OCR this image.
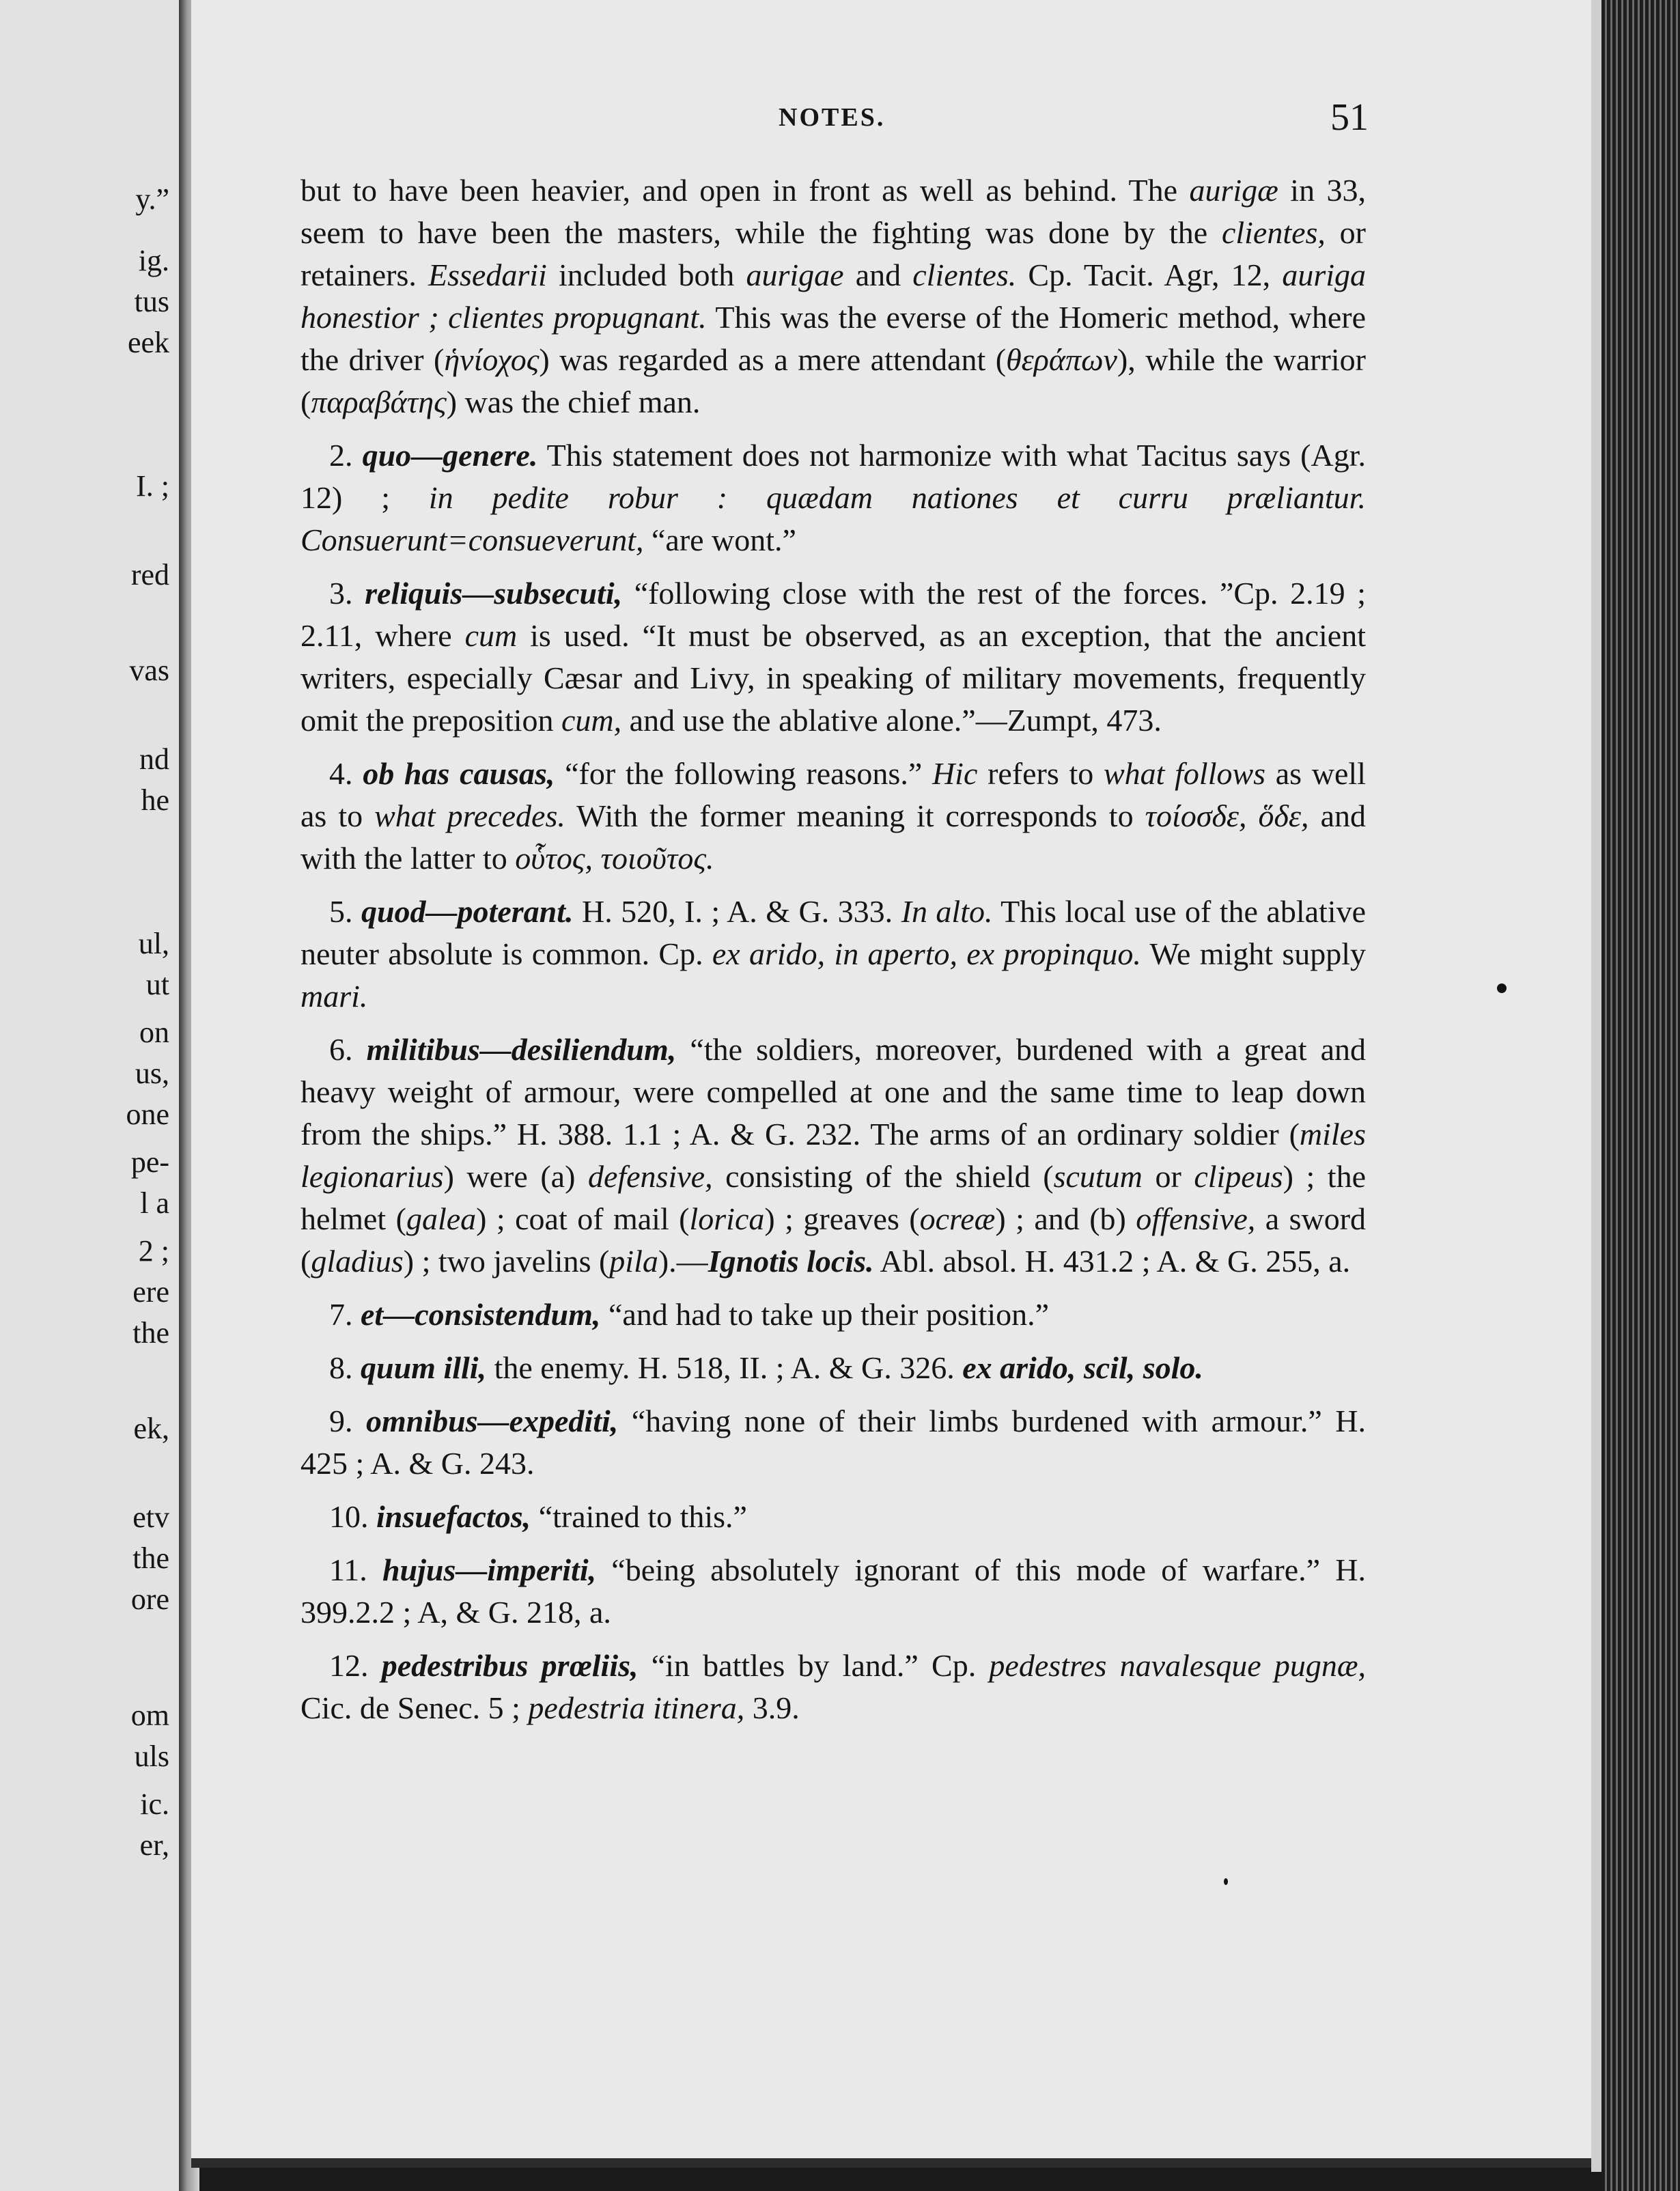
y.”
ig.
tus
eek
I. ;
red
vas
nd
he
ul,
ut
on
us,
one
pe-
l a
2 ;
ere
the
ek,
etv
the
ore
om
uls
ic.
er,
NOTES.	51

but to have been heavier, and open in front as well as behind. The aurigæ in 33, seem to have been the masters, while the fighting was done by the clientes, or retainers. Essedarii included both aurigae and clientes. Cp. Tacit. Agr, 12, auriga honestior ; clientes propugnant. This was the everse of the Homeric method, where the driver (ἡνίοχος) was regarded as a mere attendant (θεράπων), while the warrior (παραβάτης) was the chief man.

2. quo—genere. This statement does not harmonize with what Tacitus says (Agr. 12) ; in pedite robur : quædam nationes et curru præliantur. Consuerunt=consueverunt, “are wont.”

3. reliquis—subsecuti, “following close with the rest of the forces. ”Cp. 2.19 ; 2.11, where cum is used. “It must be observed, as an exception, that the ancient writers, especially Cæsar and Livy, in speaking of military movements, frequently omit the preposition cum, and use the ablative alone.”—Zumpt, 473.

4. ob has causas, “for the following reasons.” Hic refers to what follows as well as to what precedes. With the former meaning it corresponds to τοίοσδε, ὅδε, and with the latter to οὗτος, τοιοῦτος.

5. quod—poterant. H. 520, I. ; A. & G. 333. In alto. This local use of the ablative neuter absolute is common. Cp. ex arido, in aperto, ex propinquo. We might supply mari.

6. militibus—desiliendum, “the soldiers, moreover, burdened with a great and heavy weight of armour, were compelled at one and the same time to leap down from the ships.” H. 388. 1.1 ; A. & G. 232. The arms of an ordinary soldier (miles legionarius) were (a) defensive, consisting of the shield (scutum or clipeus) ; the helmet (galea) ; coat of mail (lorica) ; greaves (ocreæ) ; and (b) offensive, a sword (gladius) ; two javelins (pila).—Ignotis locis. Abl. absol. H. 431.2 ; A. & G. 255, a.

7. et—consistendum, “and had to take up their position.”

8. quum illi, the enemy. H. 518, II. ; A. & G. 326. ex arido, scil, solo.

9. omnibus—expediti, “having none of their limbs burdened with armour.” H. 425 ; A. & G. 243.

10. insuefactos, “trained to this.”

11. hujus—imperiti, “being absolutely ignorant of this mode of warfare.” H. 399.2.2 ; A, & G. 218, a.

12. pedestribus prœliis, “in battles by land.” Cp. pedestres navalesque pugnæ, Cic. de Senec. 5 ; pedestria itinera, 3.9.
